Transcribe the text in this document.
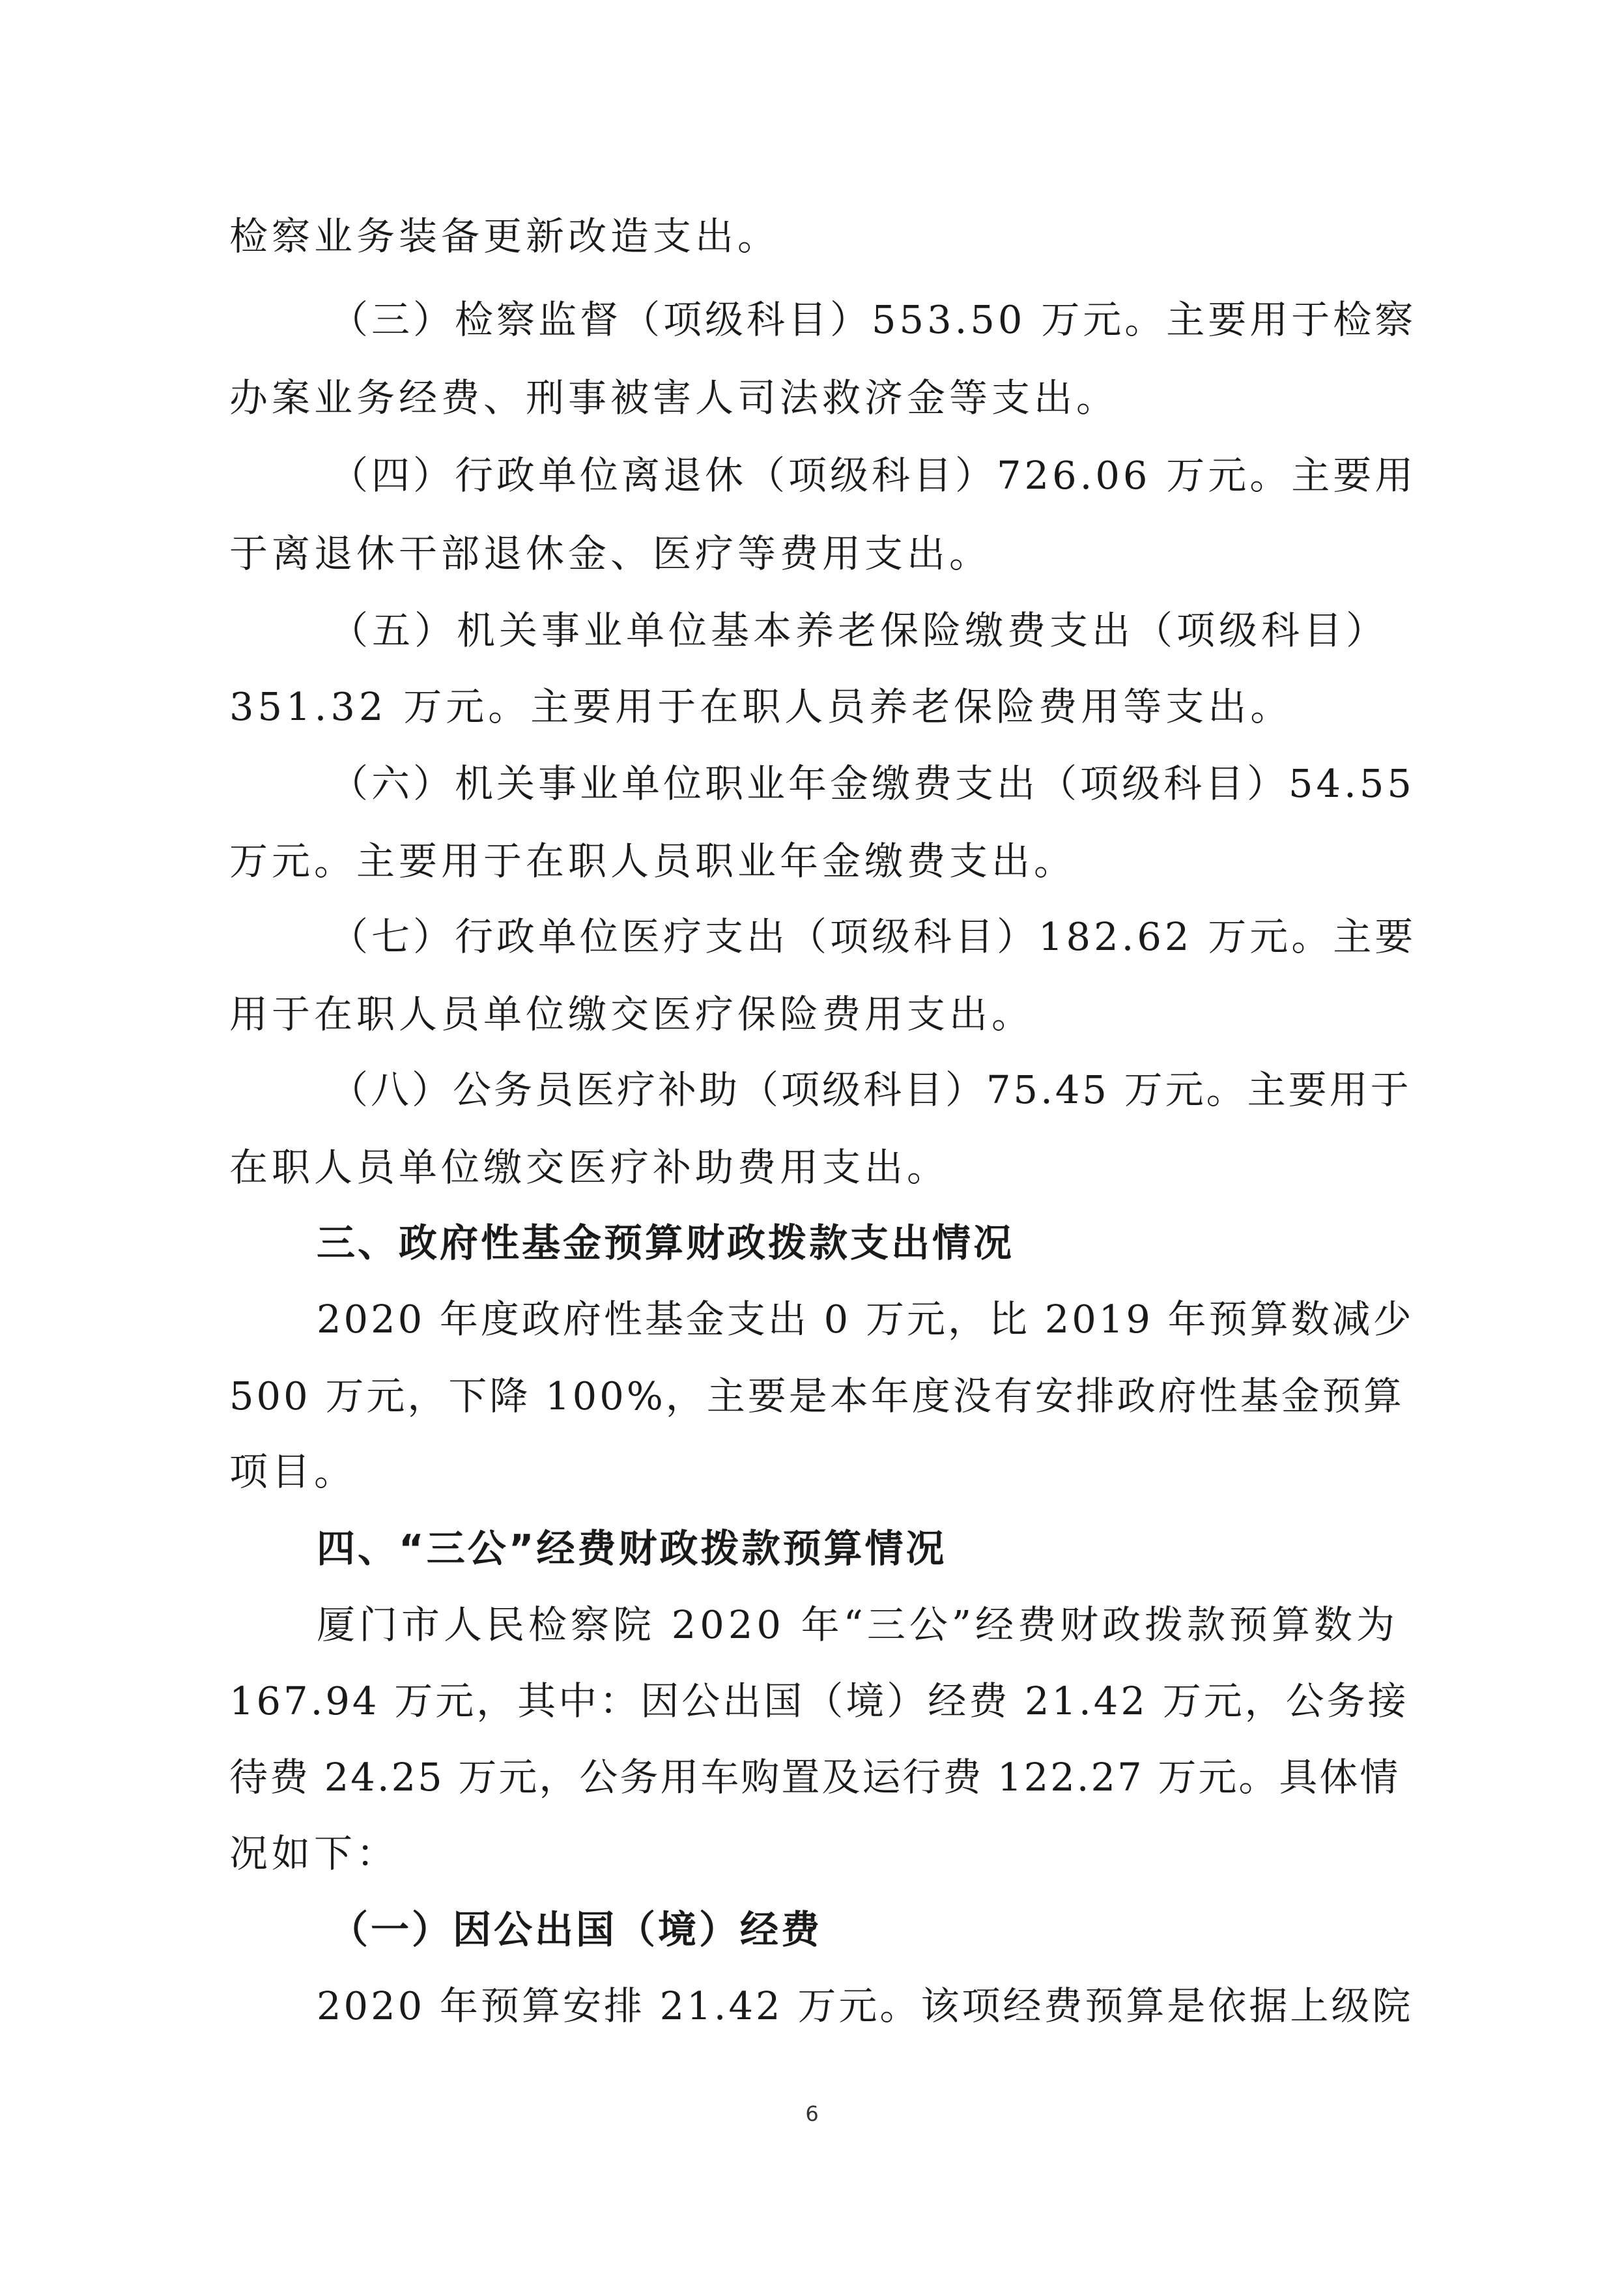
检察业务装备更新改造支出。
（三）检察监督（项级科目）553.50 万元。主要用于检察
办案业务经费、刑事被害人司法救济金等支出。
（四）行政单位离退休（项级科目）726.06 万元。主要用
于离退休干部退休金、医疗等费用支出。
（五）机关事业单位基本养老保险缴费支出（项级科目）
351.32 万元。主要用于在职人员养老保险费用等支出。
（六）机关事业单位职业年金缴费支出（项级科目）54.55
万元。主要用于在职人员职业年金缴费支出。
（七）行政单位医疗支出（项级科目）182.62 万元。主要
用于在职人员单位缴交医疗保险费用支出。
（八）公务员医疗补助（项级科目）75.45 万元。主要用于
在职人员单位缴交医疗补助费用支出。
三、政府性基金预算财政拨款支出情况
2020 年度政府性基金支出 0 万元，比 2019 年预算数减少
500 万元，下降 100%，主要是本年度没有安排政府性基金预算
项目。
四、“三公”经费财政拨款预算情况
厦门市人民检察院 2020 年“三公”经费财政拨款预算数为
167.94 万元，其中：因公出国（境）经费 21.42 万元，公务接
待费 24.25 万元，公务用车购置及运行费 122.27 万元。具体情
况如下：
（一）因公出国（境）经费
2020 年预算安排 21.42 万元。该项经费预算是依据上级院
6
